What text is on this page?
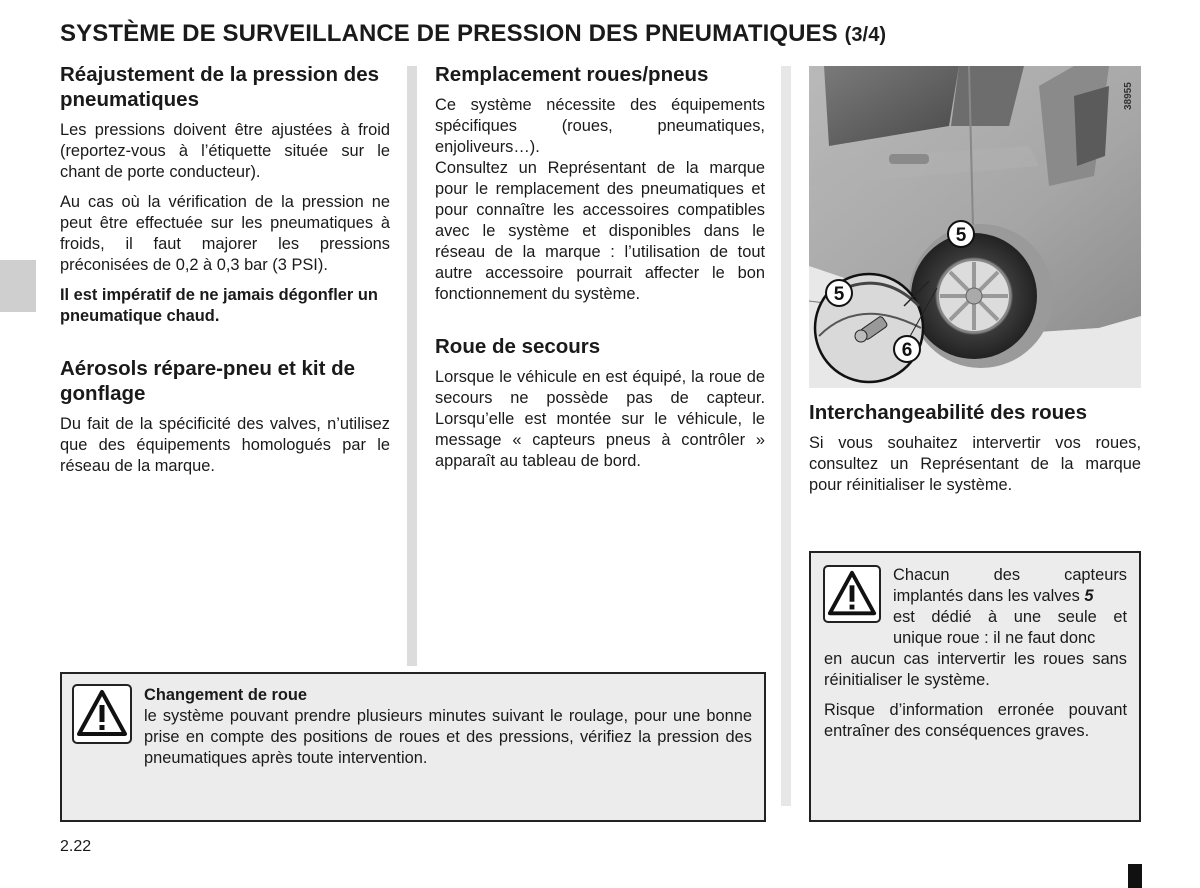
SYSTÈME DE SURVEILLANCE DE PRESSION DES PNEUMATIQUES (3/4)
Réajustement de la pression des pneumatiques

Les pressions doivent être ajustées à froid (reportez-vous à l’étiquette située sur le chant de porte conducteur).

Au cas où la vérification de la pression ne peut être effectuée sur les pneumatiques à froids, il faut majorer les pressions préconisées de 0,2 à 0,3 bar (3 PSI).

Il est impératif de ne jamais dégonfler un pneumatique chaud.

Aérosols répare-pneu et kit de gonflage

Du fait de la spécificité des valves, n’utilisez que des équipements homologués par le réseau de la marque.

Remplacement roues/pneus

Ce système nécessite des équipements spécifiques (roues, pneumatiques, enjoliveurs…).

Consultez un Représentant de la marque pour le remplacement des pneumatiques et pour connaître les accessoires compatibles avec le système et disponibles dans le réseau de la marque : l’utilisation de tout autre accessoire pourrait affecter le bon fonctionnement du système.

Roue de secours

Lorsque le véhicule en est équipé, la roue de secours ne possède pas de capteur. Lorsqu’elle est montée sur le véhicule, le message « capteurs pneus à contrôler » apparaît au tableau de bord.

5
5
6
38955
Interchangeabilité des roues

Si vous souhaitez intervertir vos roues, consultez un Représentant de la marque pour réinitialiser le système.

Changement de roue
le système pouvant prendre plusieurs minutes suivant le roulage, pour une bonne prise en compte des positions de roues et des pressions, vérifiez la pression des pneumatiques après toute intervention.
Chacun des capteurs
implantés dans les valves 5
est dédié à une seule et
unique roue : il ne faut donc
en aucun cas intervertir les roues sans réinitialiser le système.
Risque d’information erronée pouvant entraîner des conséquences graves.
2.22
